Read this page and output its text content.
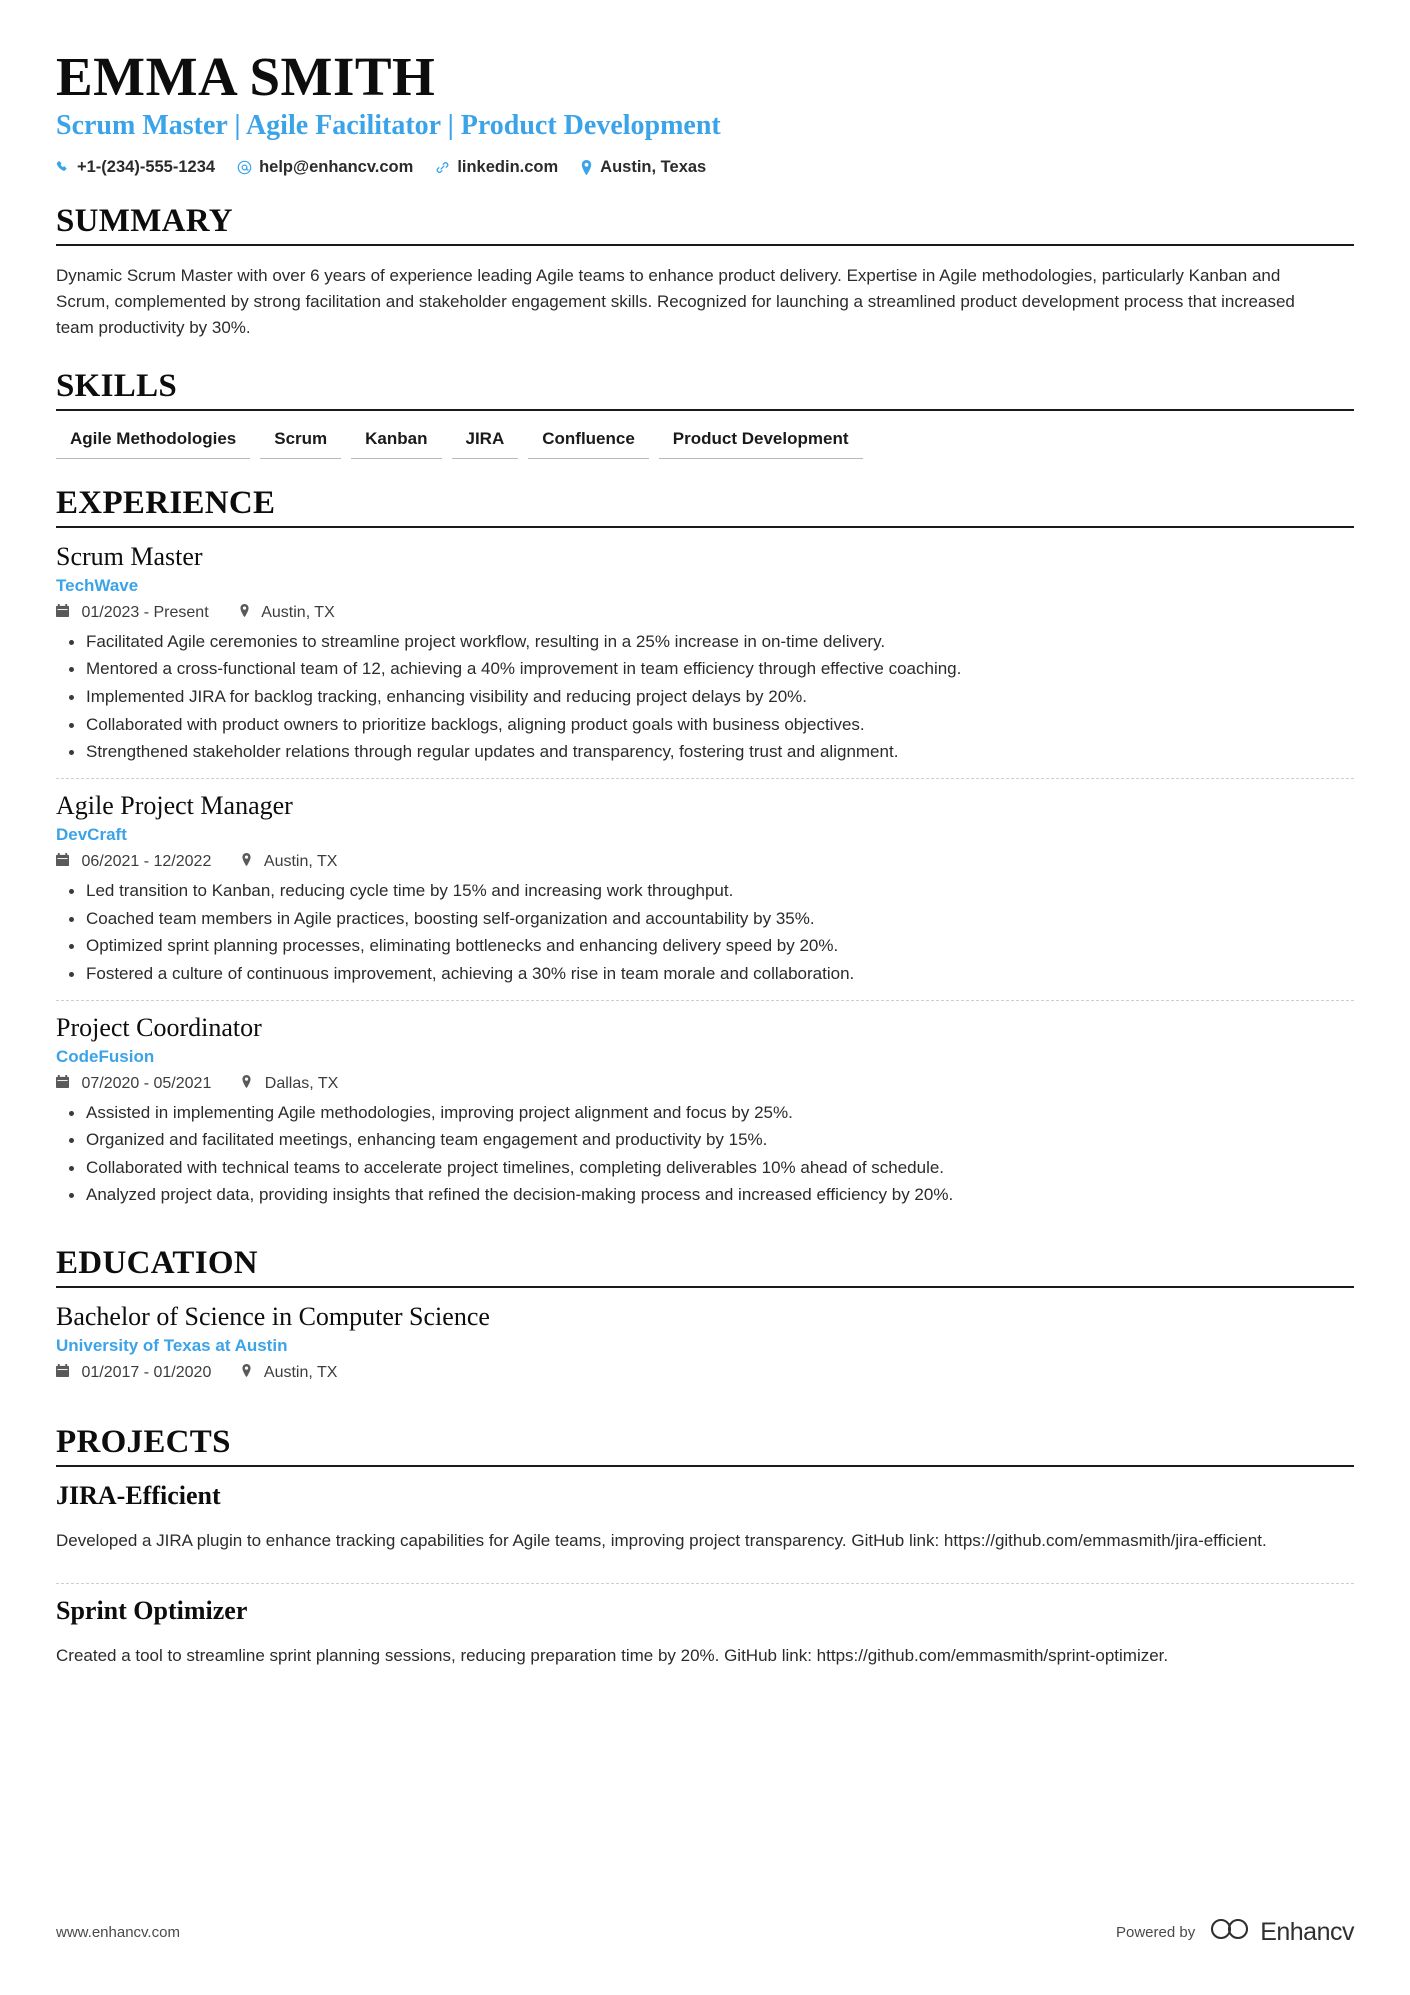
EMMA SMITH
Scrum Master | Agile Facilitator | Product Development
+1-(234)-555-1234	help@enhancv.com	linkedin.com	Austin, Texas
SUMMARY

Dynamic Scrum Master with over 6 years of experience leading Agile teams to enhance product delivery. Expertise in Agile methodologies, particularly Kanban and Scrum, complemented by strong facilitation and stakeholder engagement skills. Recognized for launching a streamlined product development process that increased team productivity by 30%.

SKILLS
Agile Methodologies	Scrum	Kanban	JIRA	Confluence	Product Development
EXPERIENCE
Scrum Master
TechWave
01/2023 - Present	Austin, TX
Facilitated Agile ceremonies to streamline project workflow, resulting in a 25% increase in on-time delivery.
Mentored a cross-functional team of 12, achieving a 40% improvement in team efficiency through effective coaching.
Implemented JIRA for backlog tracking, enhancing visibility and reducing project delays by 20%.
Collaborated with product owners to prioritize backlogs, aligning product goals with business objectives.
Strengthened stakeholder relations through regular updates and transparency, fostering trust and alignment.
Agile Project Manager
DevCraft
06/2021 - 12/2022	Austin, TX
Led transition to Kanban, reducing cycle time by 15% and increasing work throughput.
Coached team members in Agile practices, boosting self-organization and accountability by 35%.
Optimized sprint planning processes, eliminating bottlenecks and enhancing delivery speed by 20%.
Fostered a culture of continuous improvement, achieving a 30% rise in team morale and collaboration.
Project Coordinator
CodeFusion
07/2020 - 05/2021	Dallas, TX
Assisted in implementing Agile methodologies, improving project alignment and focus by 25%.
Organized and facilitated meetings, enhancing team engagement and productivity by 15%.
Collaborated with technical teams to accelerate project timelines, completing deliverables 10% ahead of schedule.
Analyzed project data, providing insights that refined the decision-making process and increased efficiency by 20%.
EDUCATION
Bachelor of Science in Computer Science
University of Texas at Austin
01/2017 - 01/2020	Austin, TX
PROJECTS
JIRA-Efficient

Developed a JIRA plugin to enhance tracking capabilities for Agile teams, improving project transparency. GitHub link: https://github.com/emmasmith/jira-efficient.

Sprint Optimizer

Created a tool to streamline sprint planning sessions, reducing preparation time by 20%. GitHub link: https://github.com/emmasmith/sprint-optimizer.

www.enhancv.com	Powered by	Enhancv
